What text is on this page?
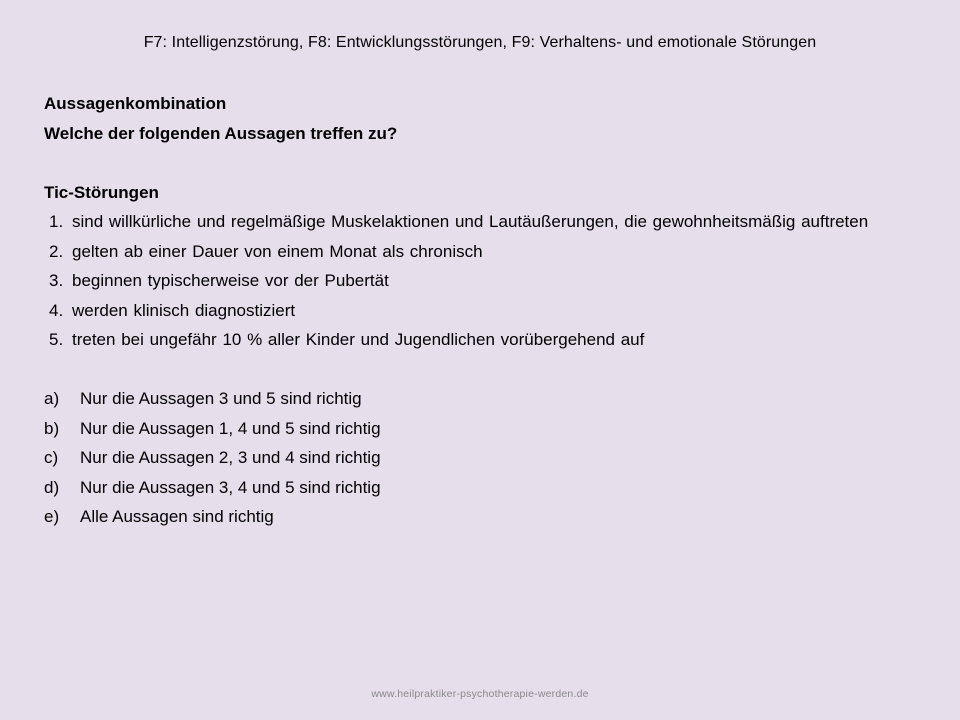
F7: Intelligenzstörung, F8: Entwicklungsstörungen, F9: Verhaltens- und emotionale Störungen
Aussagenkombination
Welche der folgenden Aussagen treffen zu?
Tic-Störungen
1. sind willkürliche und regelmäßige Muskelaktionen und Lautäußerungen, die gewohnheitsmäßig auftreten
2. gelten ab einer Dauer von einem Monat als chronisch
3. beginnen typischerweise vor der Pubertät
4. werden klinisch diagnostiziert
5. treten bei ungefähr 10 % aller Kinder und Jugendlichen vorübergehend auf
a)	Nur die Aussagen 3 und 5 sind richtig
b)	Nur die Aussagen 1, 4 und 5 sind richtig
c)	Nur die Aussagen 2, 3 und 4 sind richtig
d)	Nur die Aussagen 3, 4 und 5 sind richtig
e)	Alle Aussagen sind richtig
www.heilpraktiker-psychotherapie-werden.de
